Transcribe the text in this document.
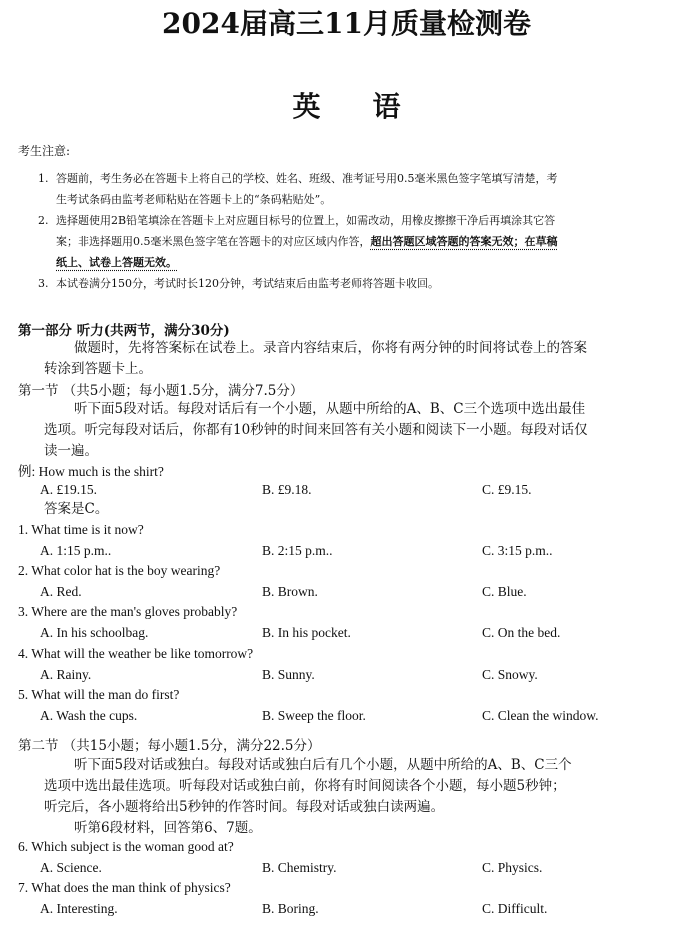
2024届高三11月质量检测卷
英语
考生注意:
1. 答题前，考生务必在答题卡上将自己的学校、姓名、班级、准考证号用0.5毫米黑色签字笔填写清楚，考
生考试条码由监考老师粘贴在答题卡上的“条码粘贴处”。
2. 选择题使用2B铅笔填涂在答题卡上对应题目标号的位置上，如需改动，用橡皮擦擦干净后再填涂其它答
案；非选择题用0.5毫米黑色签字笔在答题卡的对应区域内作答，超出答题区域答题的答案无效；在草稿
纸上、试卷上答题无效。
3. 本试卷满分150分，考试时长120分钟，考试结束后由监考老师将答题卡收回。
第一部分 听力(共两节，满分30分)
做题时，先将答案标在试卷上。录音内容结束后，你将有两分钟的时间将试卷上的答案
转涂到答题卡上。
第一节 （共5小题；每小题1.5分，满分7.5分）
听下面5段对话。每段对话后有一个小题，从题中所给的A、B、C三个选项中选出最佳
选项。听完每段对话后，你都有10秒钟的时间来回答有关小题和阅读下一小题。每段对话仅
读一遍。
例: How much is the shirt?
A. £19.15.	B. £9.18.	C. £9.15.
答案是C。
1. What time is it now?
A. 1:15 p.m..	B. 2:15 p.m..	C. 3:15 p.m..
2. What color hat is the boy wearing?
A. Red.	B. Brown.	C. Blue.
3. Where are the man's gloves probably?
A. In his schoolbag.	B. In his pocket.	C. On the bed.
4. What will the weather be like tomorrow?
A. Rainy.	B. Sunny.	C. Snowy.
5. What will the man do first?
A. Wash the cups.	B. Sweep the floor.	C. Clean the window.
第二节 （共15小题；每小题1.5分，满分22.5分）
听下面5段对话或独白。每段对话或独白后有几个小题，从题中所给的A、B、C三个
选项中选出最佳选项。听每段对话或独白前，你将有时间阅读各个小题，每小题5秒钟；
听完后，各小题将给出5秒钟的作答时间。每段对话或独白读两遍。
听第6段材料，回答第6、7题。
6. Which subject is the woman good at?
A. Science.	B. Chemistry.	C. Physics.
7. What does the man think of physics?
A. Interesting.	B. Boring.	C. Difficult.
